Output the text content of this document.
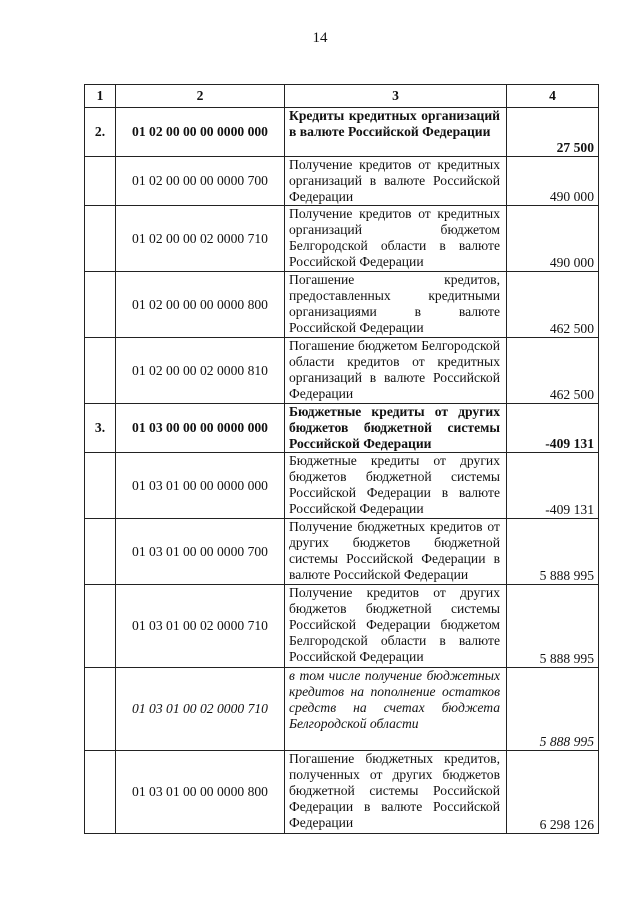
14
1	2	3	4
2.	01 02 00 00 00 0000 000	Кредиты кредитных организаций в валюте Российской Федерации	27 500
	01 02 00 00 00 0000 700	Получение кредитов от кредитных организаций в валюте Российской Федерации	490 000
	01 02 00 00 02 0000 710	Получение кредитов от кредитных организаций бюджетом Белгородской области в валюте Российской Федерации	490 000
	01 02 00 00 00 0000 800	Погашение кредитов, предоставленных кредитными организациями в валюте Российской Федерации	462 500
	01 02 00 00 02 0000 810	Погашение бюджетом Белгородской области кредитов от кредитных организаций в валюте Российской Федерации	462 500
3.	01 03 00 00 00 0000 000	Бюджетные кредиты от других бюджетов бюджетной системы Российской Федерации	-409 131
	01 03 01 00 00 0000 000	Бюджетные кредиты от других бюджетов бюджетной системы Российской Федерации в валюте Российской Федерации	-409 131
	01 03 01 00 00 0000 700	Получение бюджетных кредитов от других бюджетов бюджетной системы Российской Федерации в валюте Российской Федерации	5 888 995
	01 03 01 00 02 0000 710	Получение кредитов от других бюджетов бюджетной системы Российской Федерации бюджетом Белгородской области в валюте Российской Федерации	5 888 995
	01 03 01 00 02 0000 710	в том числе получение бюджетных кредитов на пополнение остатков средств на счетах бюджета Белгородской области	5 888 995
	01 03 01 00 00 0000 800	Погашение бюджетных кредитов, полученных от других бюджетов бюджетной системы Российской Федерации в валюте Российской Федерации	6 298 126
